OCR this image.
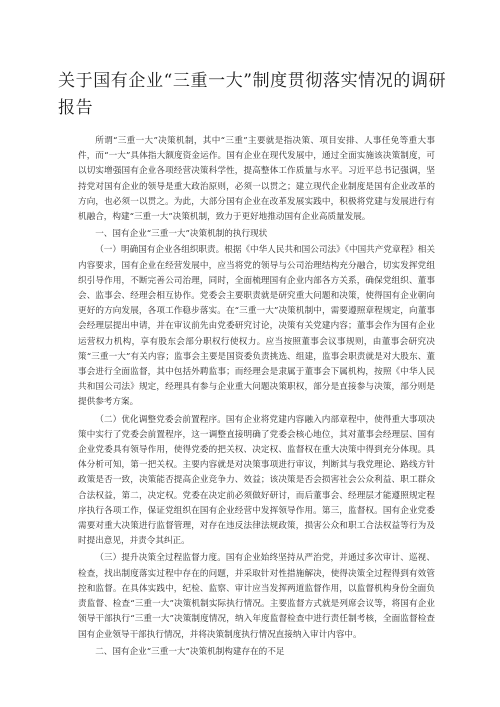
关于国有企业“三重一大”制度贯彻落实情况的调研报告

所谓“三重一大”决策机制，其中“三重”主要就是指决策、项目安排、人事任免等重大事件，而“一大”具体指大额度资金运作。国有企业在现代发展中，通过全面实施该决策制度，可以切实增强国有企业各项经营决策科学性，提高整体工作质量与水平。习近平总书记强调，坚持党对国有企业的领导是重大政治原则，必须一以贯之；建立现代企业制度是国有企业改革的方向，也必须一以贯之。为此，大部分国有企业在改革发展实践中，积极将党建与发展进行有机融合，构建“三重一大”决策机制，致力于更好地推动国有企业高质量发展。

一、国有企业“三重一大”决策机制的执行现状

（一）明确国有企业各组织职责。根据《中华人民共和国公司法》《中国共产党章程》相关内容要求，国有企业在经营发展中，应当将党的领导与公司治理结构充分融合，切实发挥党组织引导作用，不断完善公司治理，同时，全面梳理国有企业内部各方关系，确保党组织、董事会、监事会、经理会相互协作。党委会主要职责就是研究重大问题和决策，使得国有企业朝向更好的方向发展，各项工作稳步落实。在“三重一大”决策机制中，需要遵照章程规定，向董事会经理层提出申请，并在审议前先由党委研究讨论，决策有关党建内容；董事会作为国有企业运营权力机构，享有股东会部分职权行使权力。应当按照董事会议事规则，由董事会研究决策“三重一大”有关内容；监事会主要是国资委负责挑选、组建，监事会职责就是对大股东、董事会进行全面监督，其中包括外聘监事；而经理会是隶属于董事会下属机构，按照《中华人民共和国公司法》规定，经理具有参与企业重大问题决策职权，部分是直接参与决策，部分则是提供参考方案。

（二）优化调整党委会前置程序。国有企业将党建内容融入内部章程中，使得重大事项决策中实行了党委会前置程序，这一调整直接明确了党委会核心地位，其对董事会经理层、国有企业党委具有领导作用，使得党委的把关权、决定权、监督权在重大决策中得到充分体现。具体分析可知，第一把关权。主要内容就是对决策事项进行审议，判断其与我党理论、路线方针政策是否一致，决策能否提高企业竞争力、效益；该决策是否会损害社会公众利益、职工群众合法权益，第二，决定权。党委在决定前必须做好研讨，而后董事会、经理层才能遵照规定程序执行各项工作，保证党组织在国有企业经营中发挥领导作用。第三，监督权。国有企业党委需要对重大决策进行监督管理，对存在违反法律法规政策，损害公众和职工合法权益等行为及时提出意见，并责令其纠正。

（三）提升决策全过程监督力度。国有企业始终坚持从严治党，并通过多次审计、巡视、检查，找出制度落实过程中存在的问题，并采取针对性措施解决，使得决策全过程得到有效管控和监督。在具体实践中，纪检、监察、审计应当发挥两道监督作用，以监督机构身份全面负责监督、检查“三重一大”决策机制实际执行情况。主要监督方式就是列席会议等，将国有企业领导干部执行“三重一大”决策制度情况，纳入年度监督检查中进行责任制考核，全面监督检查国有企业领导干部执行情况，并将决策制度执行情况直接纳入审计内容中。

二、国有企业“三重一大”决策机制构建存在的不足
